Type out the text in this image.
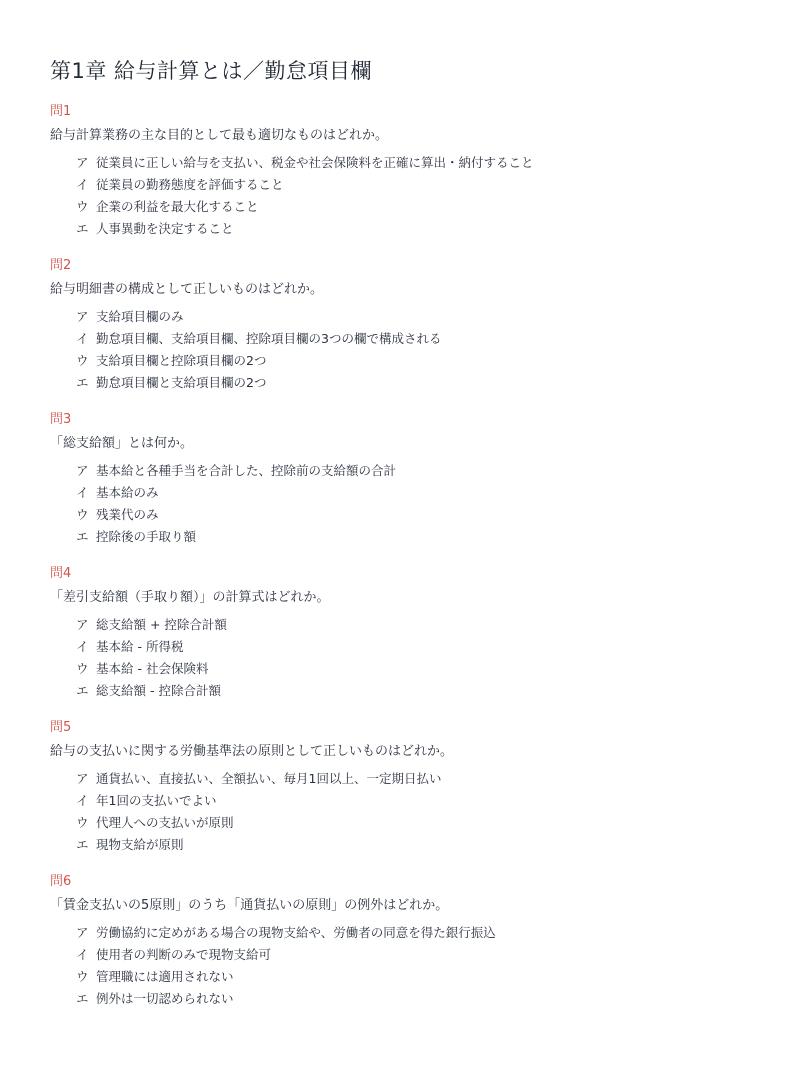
第1章 給与計算とは／勤怠項目欄
問1
給与計算業務の主な目的として最も適切なものはどれか。
ア 従業員に正しい給与を支払い、税金や社会保険料を正確に算出・納付すること
イ 従業員の勤務態度を評価すること
ウ 企業の利益を最大化すること
エ 人事異動を決定すること
問2
給与明細書の構成として正しいものはどれか。
ア 支給項目欄のみ
イ 勤怠項目欄、支給項目欄、控除項目欄の3つの欄で構成される
ウ 支給項目欄と控除項目欄の2つ
エ 勤怠項目欄と支給項目欄の2つ
問3
「総支給額」とは何か。
ア 基本給と各種手当を合計した、控除前の支給額の合計
イ 基本給のみ
ウ 残業代のみ
エ 控除後の手取り額
問4
「差引支給額（手取り額）」の計算式はどれか。
ア 総支給額 + 控除合計額
イ 基本給 - 所得税
ウ 基本給 - 社会保険料
エ 総支給額 - 控除合計額
問5
給与の支払いに関する労働基準法の原則として正しいものはどれか。
ア 通貨払い、直接払い、全額払い、毎月1回以上、一定期日払い
イ 年1回の支払いでよい
ウ 代理人への支払いが原則
エ 現物支給が原則
問6
「賃金支払いの5原則」のうち「通貨払いの原則」の例外はどれか。
ア 労働協約に定めがある場合の現物支給や、労働者の同意を得た銀行振込
イ 使用者の判断のみで現物支給可
ウ 管理職には適用されない
エ 例外は一切認められない
